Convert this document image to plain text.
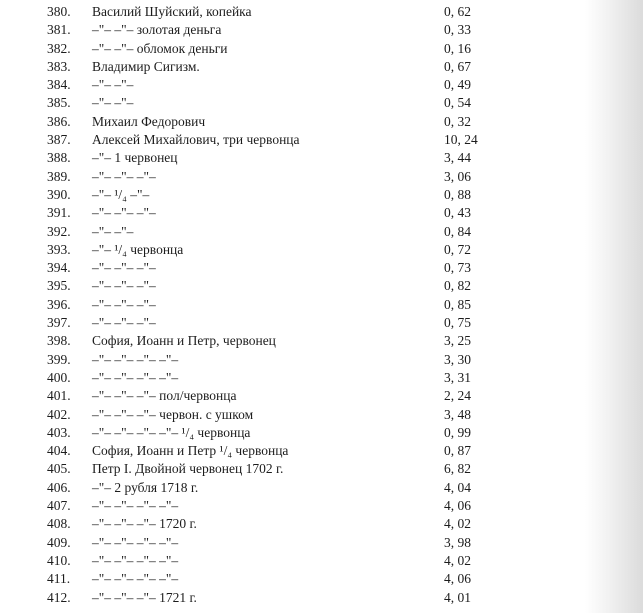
380.	Василий Шуйский, копейка	0, 62
381.	–"– –"– золотая деньга	0, 33
382.	–"– –"– обломок деньги	0, 16
383.	Владимир Сигизм.	0, 67
384.	–"– –"–	0, 49
385.	–"– –"–	0, 54
386.	Михаил Федорович	0, 32
387.	Алексей Михайлович, три червонца	10, 24
388.	–"– 1 червонец	3, 44
389.	–"– –"– –"–	3, 06
390.	–"– ¹/₄ –"–	0, 88
391.	–"– –"– –"–	0, 43
392.	–"– –"–	0, 84
393.	–"– ¹/₄ червонца	0, 72
394.	–"– –"– –"–	0, 73
395.	–"– –"– –"–	0, 82
396.	–"– –"– –"–	0, 85
397.	–"– –"– –"–	0, 75
398.	София, Иоанн и Петр, червонец	3, 25
399.	–"– –"– –"– –"–	3, 30
400.	–"– –"– –"– –"–	3, 31
401.	–"– –"– –"– пол/червонца	2, 24
402.	–"– –"– –"– червон. с ушком	3, 48
403.	–"– –"– –"– –"– ¹/₄ червонца	0, 99
404.	София, Иоанн и Петр ¹/₄ червонца	0, 87
405.	Петр I. Двойной червонец 1702 г.	6, 82
406.	–"– 2 рубля 1718 г.	4, 04
407.	–"– –"– –"– –"–	4, 06
408.	–"– –"– –"– 1720 г.	4, 02
409.	–"– –"– –"– –"–	3, 98
410.	–"– –"– –"– –"–	4, 02
411.	–"– –"– –"– –"–	4, 06
412.	–"– –"– –"– 1721 г.	4, 01
